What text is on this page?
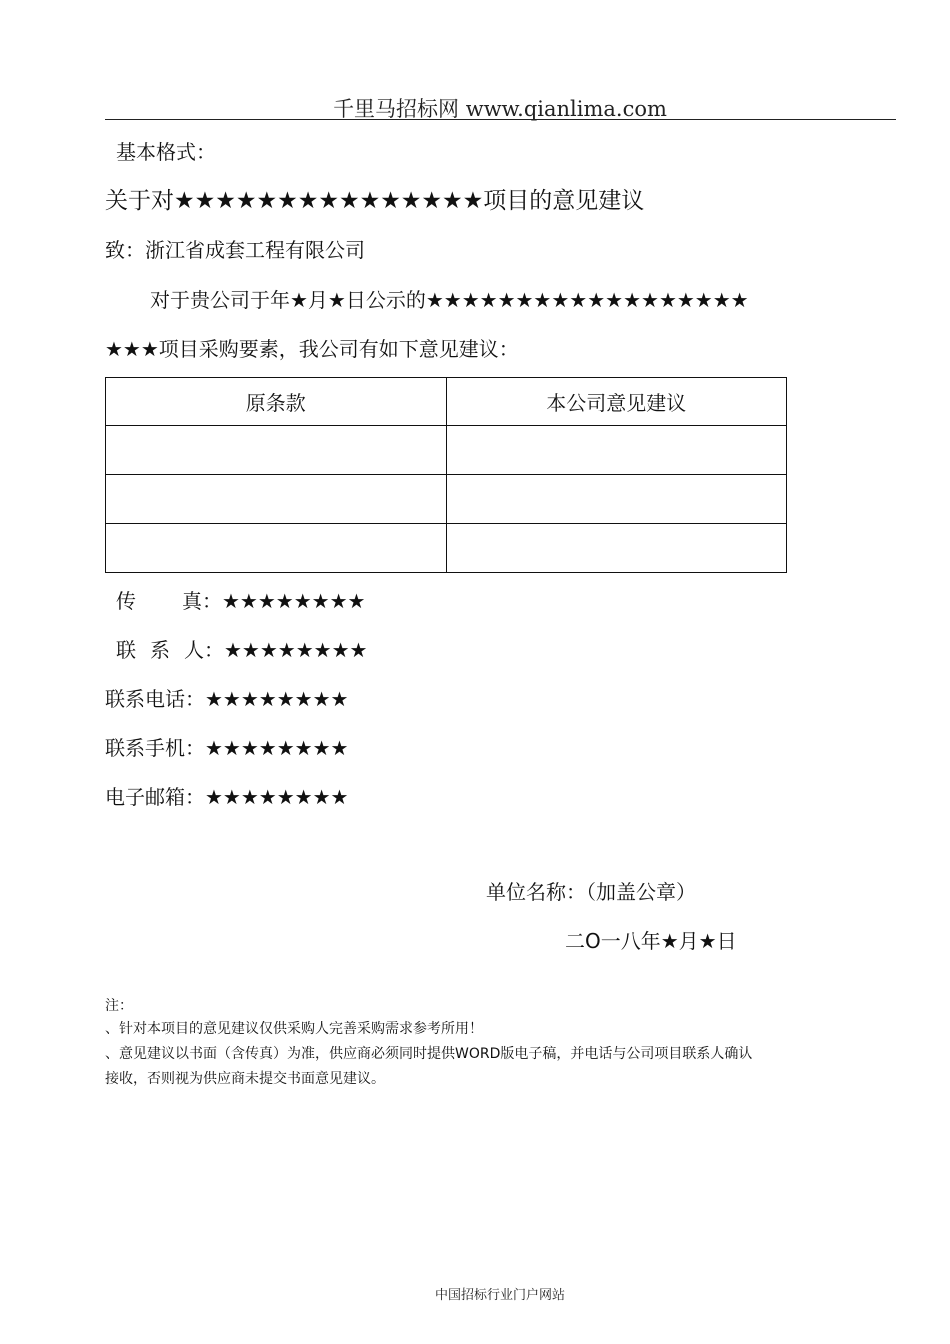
千里马招标网 www.qianlima.com
基本格式：
关于对★★★★★★★★★★★★★★★项目的意见建议
致：浙江省成套工程有限公司
对于贵公司于年★月★日公示的★★★★★★★★★★★★★★★★★★
★★★项目采购要素，我公司有如下意见建议：
原条款	本公司意见建议

传 真：★★★★★★★★
联 系 人：★★★★★★★★
联系电话：★★★★★★★★
联系手机：★★★★★★★★
电子邮箱：★★★★★★★★
单位名称：（加盖公章）
二O一八年★月★日
注：
、针对本项目的意见建议仅供采购人完善采购需求参考所用！
、意见建议以书面（含传真）为准，供应商必须同时提供WORD版电子稿，并电话与公司项目联系人确认
接收，否则视为供应商未提交书面意见建议。
中国招标行业门户网站
